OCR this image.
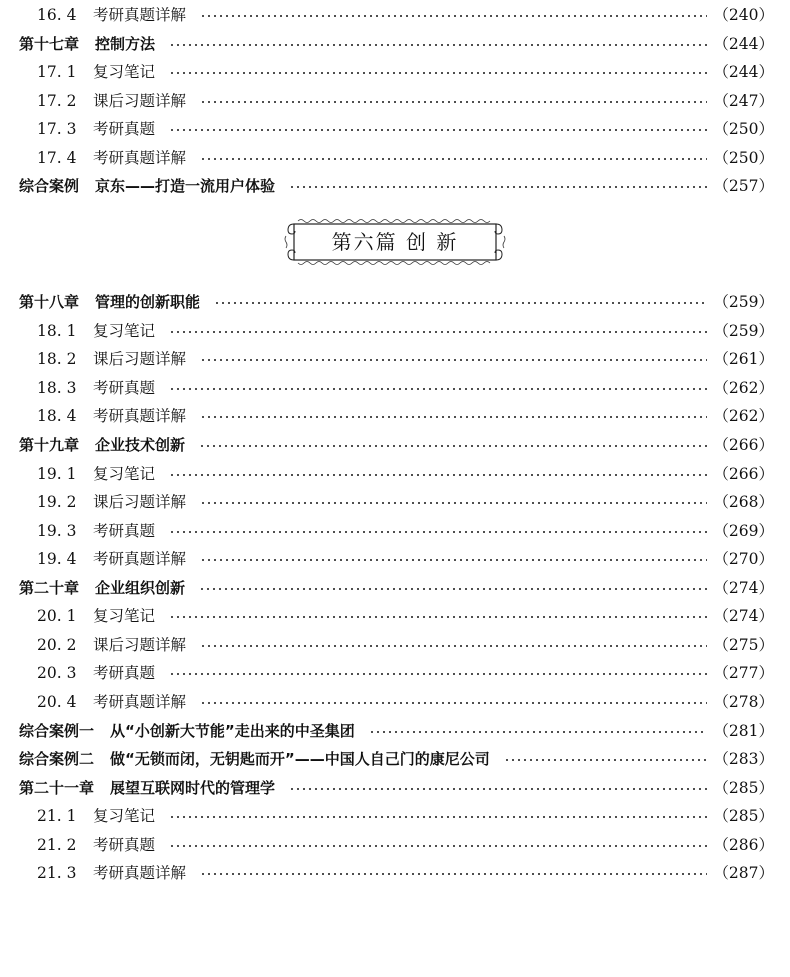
16. 4	考研真题详解	（240）
第十七章 控制方法	（244）
17. 1	复习笔记	（244）
17. 2	课后习题详解	（247）
17. 3	考研真题	（250）
17. 4	考研真题详解	（250）
综合案例 京东——打造一流用户体验	（257）
第六篇 创 新
第十八章 管理的创新职能	（259）
18. 1	复习笔记	（259）
18. 2	课后习题详解	（261）
18. 3	考研真题	（262）
18. 4	考研真题详解	（262）
第十九章 企业技术创新	（266）
19. 1	复习笔记	（266）
19. 2	课后习题详解	（268）
19. 3	考研真题	（269）
19. 4	考研真题详解	（270）
第二十章 企业组织创新	（274）
20. 1	复习笔记	（274）
20. 2	课后习题详解	（275）
20. 3	考研真题	（277）
20. 4	考研真题详解	（278）
综合案例一 从“小创新大节能”走出来的中圣集团	（281）
综合案例二 做“无锁而闭，无钥匙而开”——中国人自己门的康尼公司	（283）
第二十一章 展望互联网时代的管理学	（285）
21. 1	复习笔记	（285）
21. 2	考研真题	（286）
21. 3	考研真题详解	（287）
